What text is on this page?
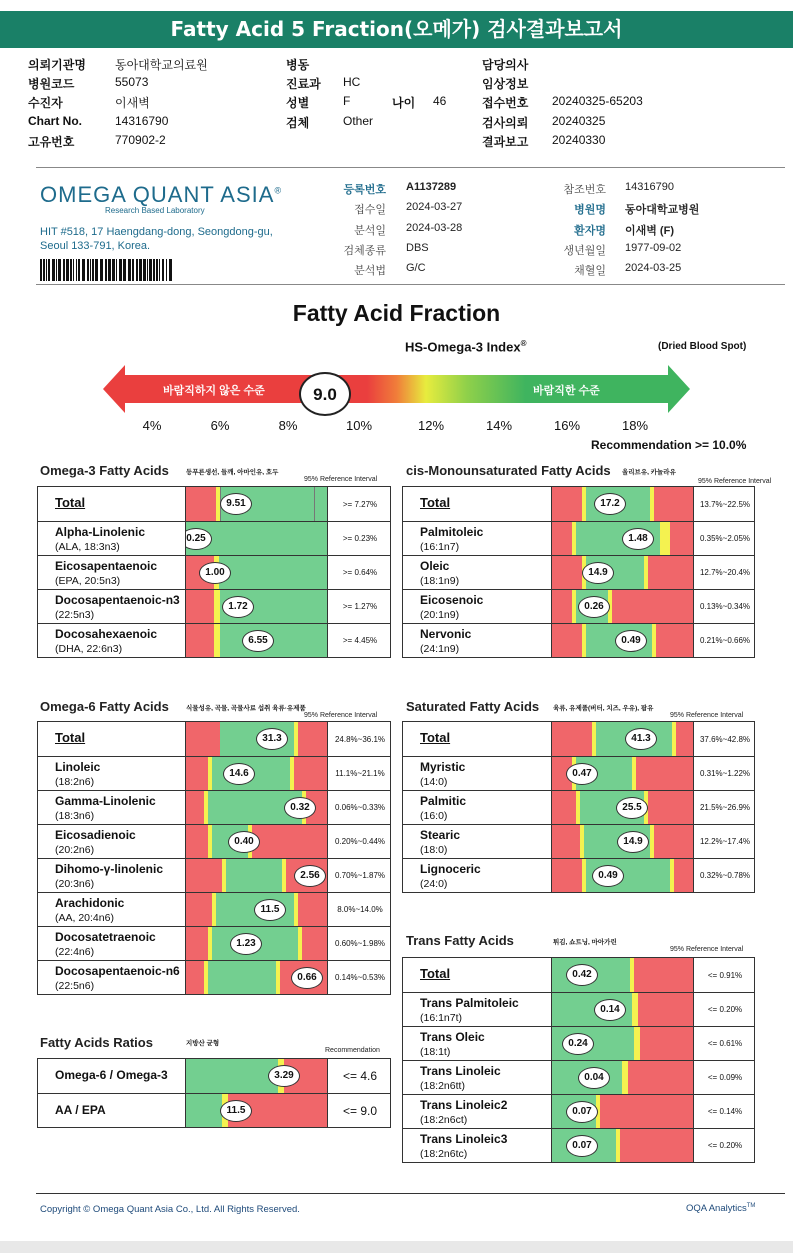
Fatty Acid 5 Fraction(오메가) 검사결과보고서
의뢰기관명 동아대학교의료원
병원코드	55073
수진자	이새벽
Chart No.	14316790
고유번호	770902-2
병동
진료과 HC
성별	F
검체	Other
담당의사
임상정보
접수번호 20240325-65203
검사의뢰 20240325
결과보고 20240330
나이 46
OMEGA QUANT ASIA®
Research Based Laboratory
HIT #518, 17 Haengdang-dong, Seongdong-gu,
Seoul 133-791, Korea.
등록번호 A1137289
접수일 2024-03-27
분석일 2024-03-28
검체종류 DBS
분석법 G/C
참조번호 14316790
병원명 동아대학교병원
환자명 이새벽 (F)
생년월일 1977-09-02
채혈일 2024-03-25
Fatty Acid Fraction
HS-Omega-3 Index®	(Dried Blood Spot)
바람직하지 않은 수준	바람직한 수준
9.0
4%	6%	8%	10%	12%	14%	16%	18%
Recommendation >= 10.0%
Omega-3 Fatty Acids	등푸른생선, 들깨, 아마인유, 호두
95% Reference Interval
Total	9.51	>= 7.27%
Alpha-Linolenic
(ALA, 18:3n3)
0.25	>= 0.23%
Eicosapentaenoic
(EPA, 20:5n3)
1.00	>= 0.64%
Docosapentaenoic-n3
(22:5n3)
1.72	>= 1.27%
Docosahexaenoic
(DHA, 22:6n3)
6.55	>= 4.45%
cis-Monounsaturated Fatty Acids 올리브유, 카놀라유
95% Reference Interval
Total	17.2	13.7%~22.5%
Palmitoleic
(16:1n7)
1.48	0.35%~2.05%
Oleic
(18:1n9)
14.9	12.7%~20.4%
Eicosenoic
(20:1n9)
0.26	0.13%~0.34%
Nervonic
(24:1n9)
0.49	0.21%~0.66%
Omega-6 Fatty Acids	식물성유, 곡물, 곡물사료 섭취 육류·유제품
95% Reference Interval
Total	31.3	24.8%~36.1%
Linoleic
(18:2n6)
14.6	11.1%~21.1%
Gamma-Linolenic
(18:3n6)
0.32	0.06%~0.33%
Eicosadienoic
(20:2n6)
0.40	0.20%~0.44%
Dihomo-γ-linolenic
(20:3n6)
2.56	0.70%~1.87%
Arachidonic
(AA, 20:4n6)
11.5	8.0%~14.0%
Docosatetraenoic
(22:4n6)
1.23	0.60%~1.98%
Docosapentaenoic-n6
(22:5n6)
0.66	0.14%~0.53%
Saturated Fatty Acids 육류, 유제품(버터, 치즈, 우유), 팜유
95% Reference Interval
Total	41.3	37.6%~42.8%
Myristic
(14:0)
0.47	0.31%~1.22%
Palmitic
(16:0)
25.5	21.5%~26.9%
Stearic
(18:0)
14.9	12.2%~17.4%
Lignoceric
(24:0)
0.49	0.32%~0.78%
Trans Fatty Acids	튀김, 쇼트닝, 마아가린
95% Reference Interval
Total	0.42	<= 0.91%
Trans Palmitoleic
(16:1n7t)
0.14	<= 0.20%
Trans Oleic
(18:1t)
0.24	<= 0.61%
Trans Linoleic
(18:2n6tt)
0.04	<= 0.09%
Trans Linoleic2
(18:2n6ct)
0.07	<= 0.14%
Trans Linoleic3
(18:2n6tc)
0.07	<= 0.20%
Fatty Acids Ratios	지방산 균형
Recommendation
Omega-6 / Omega-3	3.29	<= 4.6
AA / EPA	11.5	<= 9.0
Copyright © Omega Quant Asia Co., Ltd. All Rights Reserved.	OQA Analytics™
